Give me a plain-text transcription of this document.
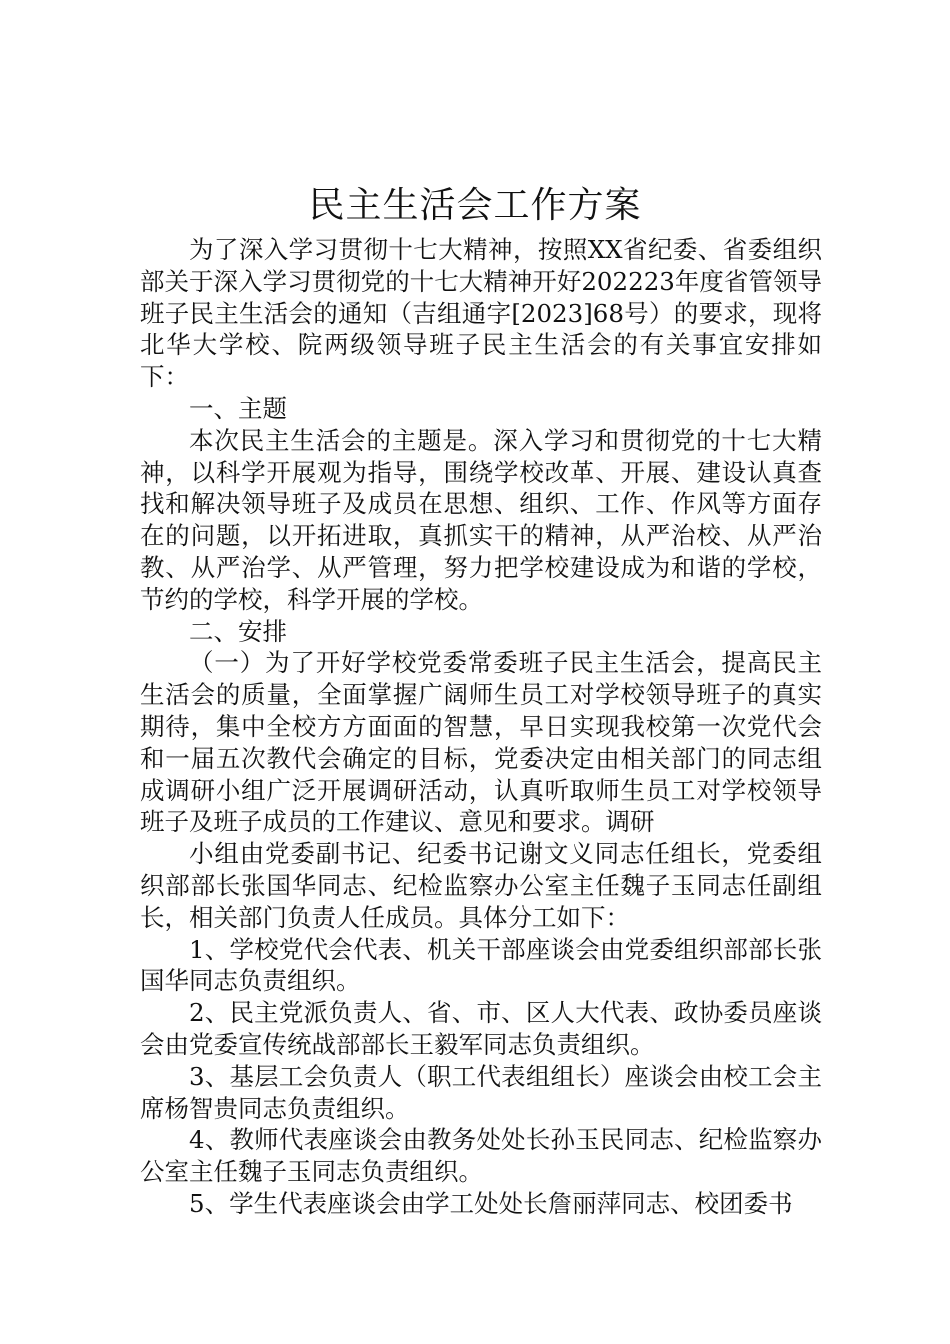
民主生活会工作方案

为了深入学习贯彻十七大精神，按照XX省纪委、省委组织部关于深入学习贯彻党的十七大精神开好202223年度省管领导班子民主生活会的通知（吉组通字[2023]68号）的要求，现将北华大学校、院两级领导班子民主生活会的有关事宜安排如下：

一、主题

本次民主生活会的主题是。深入学习和贯彻党的十七大精神，以科学开展观为指导，围绕学校改革、开展、建设认真查找和解决领导班子及成员在思想、组织、工作、作风等方面存在的问题，以开拓进取，真抓实干的精神，从严治校、从严治教、从严治学、从严管理，努力把学校建设成为和谐的学校，节约的学校，科学开展的学校。

二、安排

（一）为了开好学校党委常委班子民主生活会，提高民主生活会的质量，全面掌握广阔师生员工对学校领导班子的真实期待，集中全校方方面面的智慧，早日实现我校第一次党代会和一届五次教代会确定的目标，党委决定由相关部门的同志组成调研小组广泛开展调研活动，认真听取师生员工对学校领导班子及班子成员的工作建议、意见和要求。调研

小组由党委副书记、纪委书记谢文义同志任组长，党委组织部部长张国华同志、纪检监察办公室主任魏子玉同志任副组长，相关部门负责人任成员。具体分工如下：

1、学校党代会代表、机关干部座谈会由党委组织部部长张国华同志负责组织。

2、民主党派负责人、省、市、区人大代表、政协委员座谈会由党委宣传统战部部长王毅军同志负责组织。

3、基层工会负责人（职工代表组组长）座谈会由校工会主席杨智贵同志负责组织。

4、教师代表座谈会由教务处处长孙玉民同志、纪检监察办公室主任魏子玉同志负责组织。

5、学生代表座谈会由学工处处长詹丽萍同志、校团委书
